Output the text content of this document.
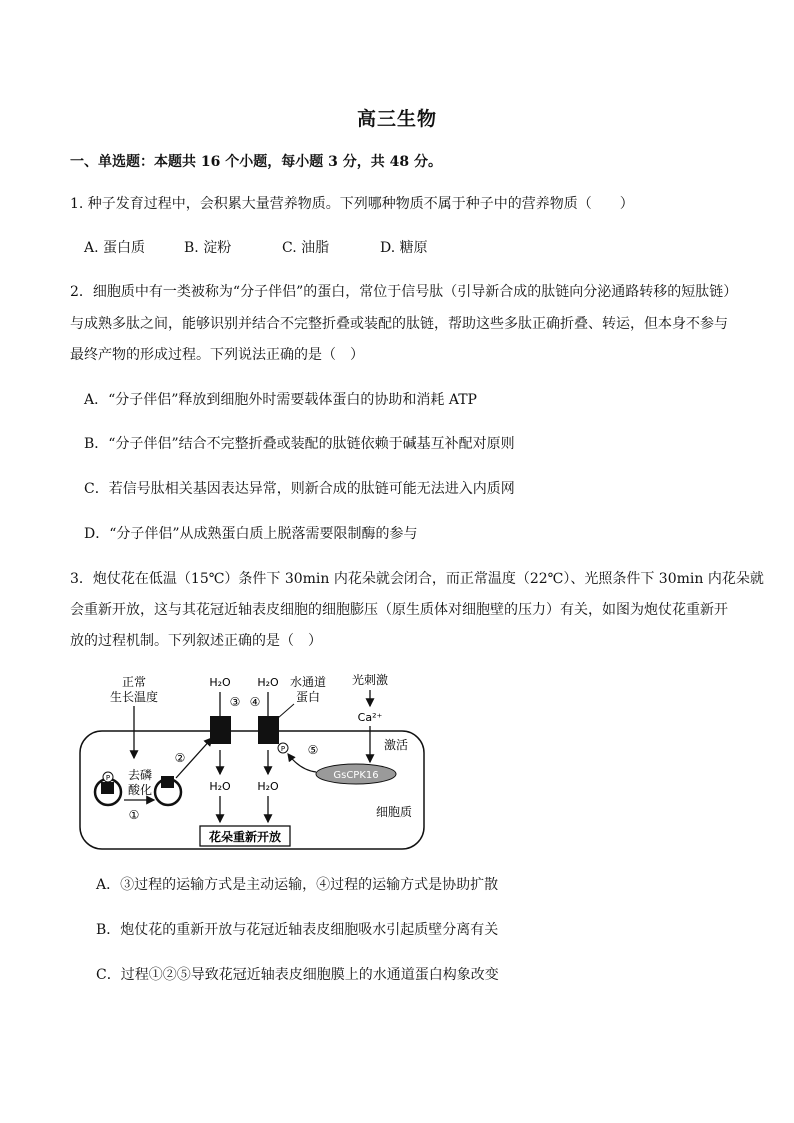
高三生物
一、单选题：本题共 16 个小题，每小题 3 分，共 48 分。
1. 种子发育过程中，会积累大量营养物质。下列哪种物质不属于种子中的营养物质（　　）
A. 蛋白质	B. 淀粉	C. 油脂	D. 糖原
2．细胞质中有一类被称为“分子伴侣”的蛋白，常位于信号肽（引导新合成的肽链向分泌通路转移的短肽链）
与成熟多肽之间，能够识别并结合不完整折叠或装配的肽链，帮助这些多肽正确折叠、转运，但本身不参与
最终产物的形成过程。下列说法正确的是（　）
A．“分子伴侣”释放到细胞外时需要载体蛋白的协助和消耗 ATP
B．“分子伴侣”结合不完整折叠或装配的肽链依赖于碱基互补配对原则
C．若信号肽相关基因表达异常，则新合成的肽链可能无法进入内质网
D．“分子伴侣”从成熟蛋白质上脱落需要限制酶的参与
3．炮仗花在低温（15℃）条件下 30min 内花朵就会闭合，而正常温度（22℃）、光照条件下 30min 内花朵就
会重新开放，这与其花冠近轴表皮细胞的细胞膨压（原生质体对细胞壁的压力）有关，如图为炮仗花重新开
放的过程机制。下列叙述正确的是（　）
正常
生长温度
P 去磷
酸化
①
②
H₂O
③
H₂O
H₂O
④
P
H₂O
水通道
蛋白
光刺激
Ca²⁺
激活
GsCPK16
⑤
细胞质
花朵重新开放
A．③过程的运输方式是主动运输，④过程的运输方式是协助扩散
B．炮仗花的重新开放与花冠近轴表皮细胞吸水引起质壁分离有关
C．过程①②⑤导致花冠近轴表皮细胞膜上的水通道蛋白构象改变
